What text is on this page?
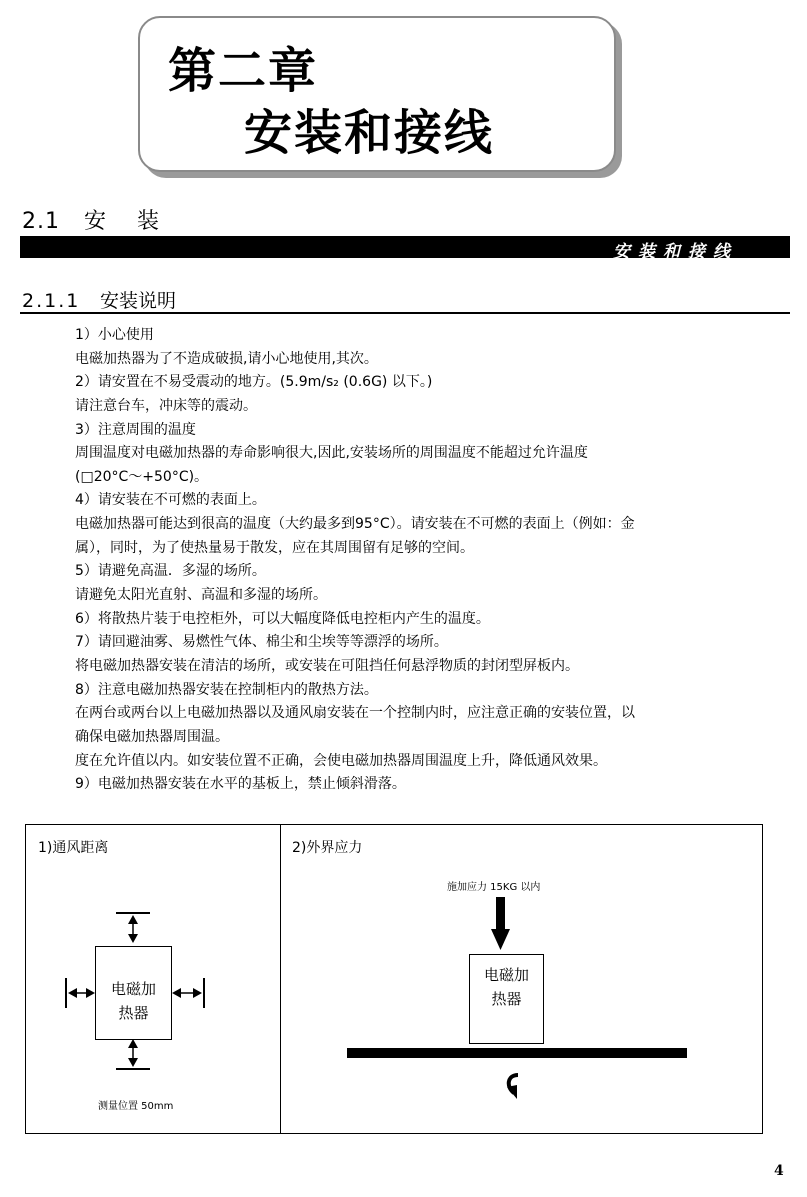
第二章
安装和接线
2.1 安 装
安装和接线
2.1.1 安装说明
1）小心使用
电磁加热器为了不造成破损,请小心地使用,其次。
2）请安置在不易受震动的地方。(5.9m/s₂ (0.6G) 以下。)
请注意台车，冲床等的震动。
3）注意周围的温度
周围温度对电磁加热器的寿命影响很大,因此,安装场所的周围温度不能超过允许温度
(□20°C～+50°C)。
4）请安装在不可燃的表面上。
电磁加热器可能达到很高的温度（大约最多到95°C）。请安装在不可燃的表面上（例如：金
属），同时，为了使热量易于散发，应在其周围留有足够的空间。
5）请避免高温．多湿的场所。
请避免太阳光直射、高温和多湿的场所。
6）将散热片装于电控柜外，可以大幅度降低电控柜内产生的温度。
7）请回避油雾、易燃性气体、棉尘和尘埃等等漂浮的场所。
将电磁加热器安装在清洁的场所，或安装在可阻挡任何悬浮物质的封闭型屏板内。
8）注意电磁加热器安装在控制柜内的散热方法。
在两台或两台以上电磁加热器以及通风扇安装在一个控制内时，应注意正确的安装位置，以
确保电磁加热器周围温。
度在允许值以内。如安装位置不正确，会使电磁加热器周围温度上升，降低通风效果。
9）电磁加热器安装在水平的基板上，禁止倾斜滑落。
1)通风距离
电磁加
热器
测量位置 50mm
2)外界应力
施加应力 15KG 以内
电磁加
热器
4
